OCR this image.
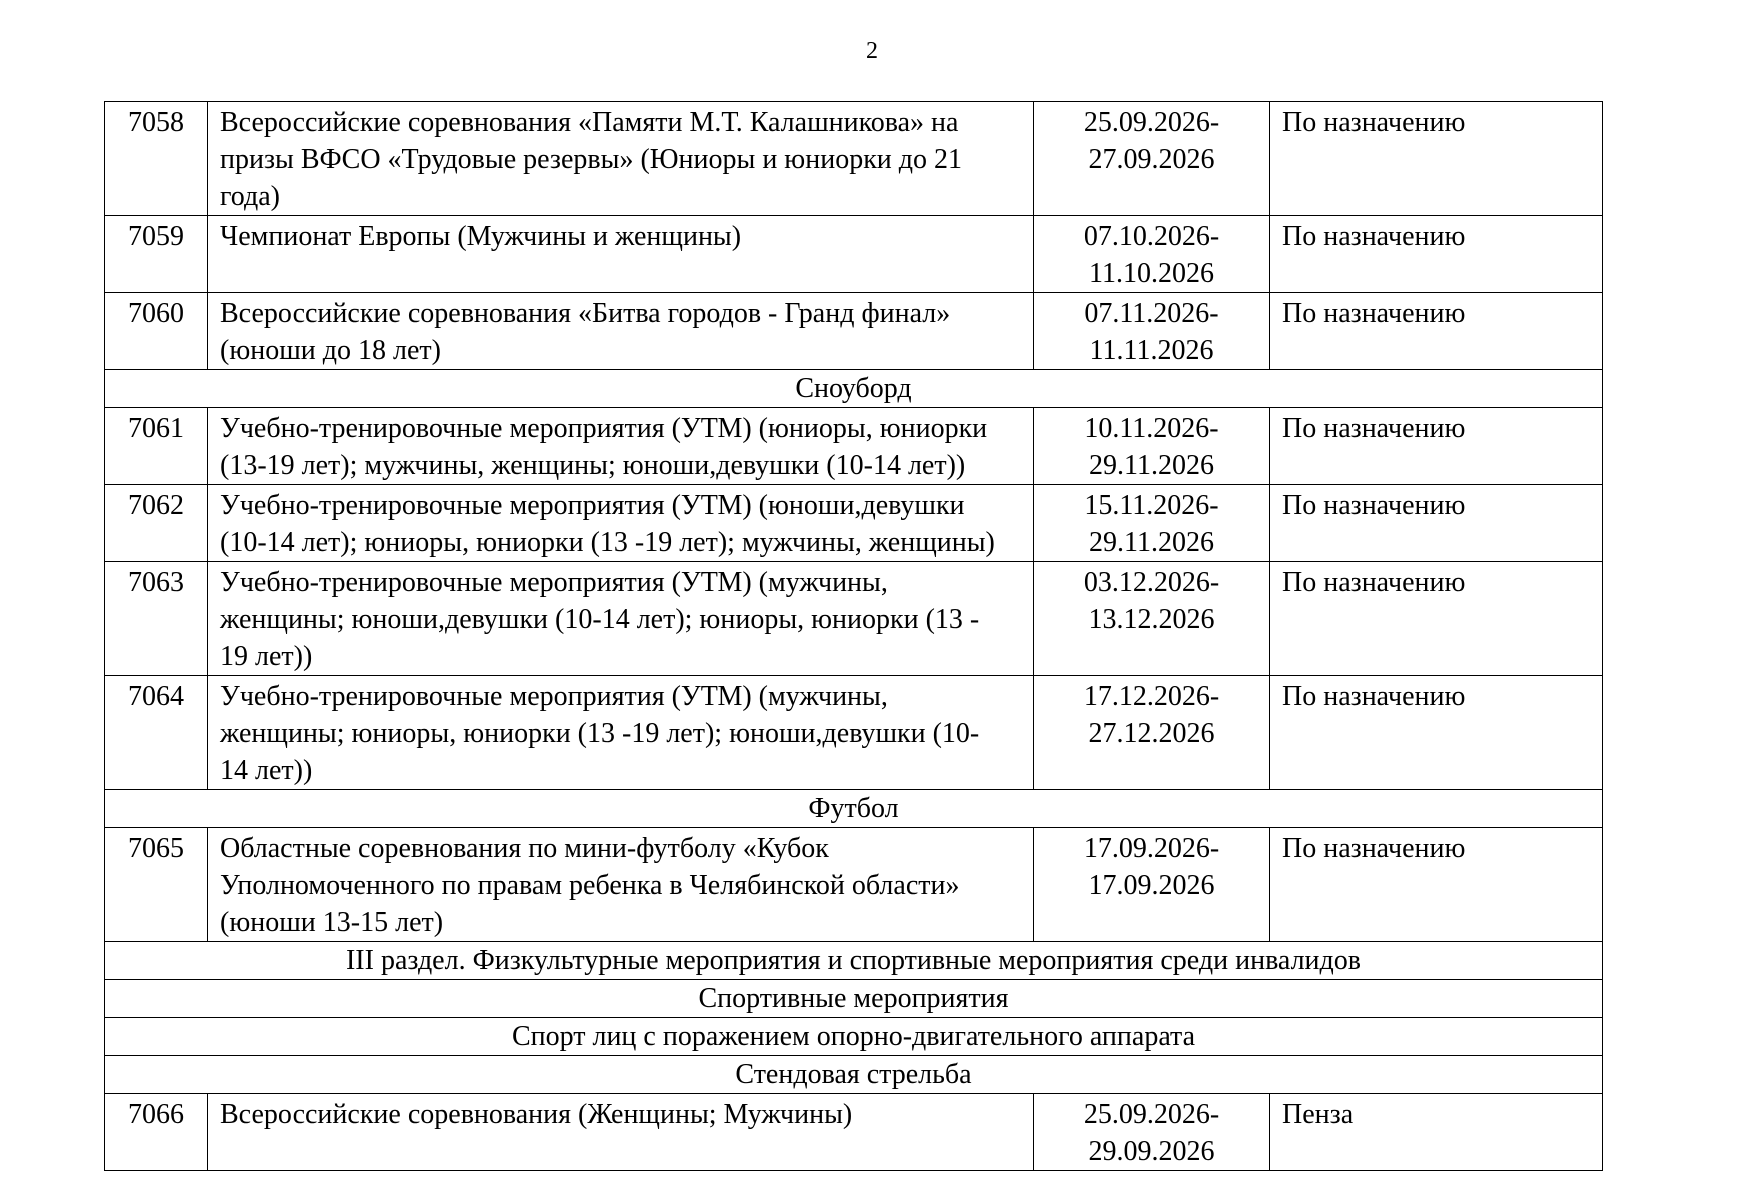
2
7058	Всероссийские соревнования «Памяти М.Т. Калашникова» на
призы ВФСО «Трудовые резервы» (Юниоры и юниорки до 21
года)	25.09.2026-
27.09.2026	По назначению
7059	Чемпионат Европы (Мужчины и женщины)	07.10.2026-
11.10.2026	По назначению
7060	Всероссийские соревнования «Битва городов - Гранд финал»
(юноши до 18 лет)	07.11.2026-
11.11.2026	По назначению
Сноуборд			
7061	Учебно-тренировочные мероприятия (УТМ) (юниоры, юниорки
(13-19 лет); мужчины, женщины; юноши,девушки (10-14 лет))	10.11.2026-
29.11.2026	По назначению
7062	Учебно-тренировочные мероприятия (УТМ) (юноши,девушки
(10-14 лет); юниоры, юниорки (13 -19 лет); мужчины, женщины)	15.11.2026-
29.11.2026	По назначению
7063	Учебно-тренировочные мероприятия (УТМ) (мужчины,
женщины; юноши,девушки (10-14 лет); юниоры, юниорки (13 -
19 лет))	03.12.2026-
13.12.2026	По назначению
7064	Учебно-тренировочные мероприятия (УТМ) (мужчины,
женщины; юниоры, юниорки (13 -19 лет); юноши,девушки (10-
14 лет))	17.12.2026-
27.12.2026	По назначению
Футбол			
7065	Областные соревнования по мини-футболу «Кубок
Уполномоченного по правам ребенка в Челябинской области»
(юноши 13-15 лет)	17.09.2026-
17.09.2026	По назначению
III раздел. Физкультурные мероприятия и спортивные мероприятия среди инвалидов			
Спортивные мероприятия			
Спорт лиц с поражением опорно-двигательного аппарата			
Стендовая стрельба			
7066	Всероссийские соревнования (Женщины; Мужчины)	25.09.2026-
29.09.2026	Пенза
